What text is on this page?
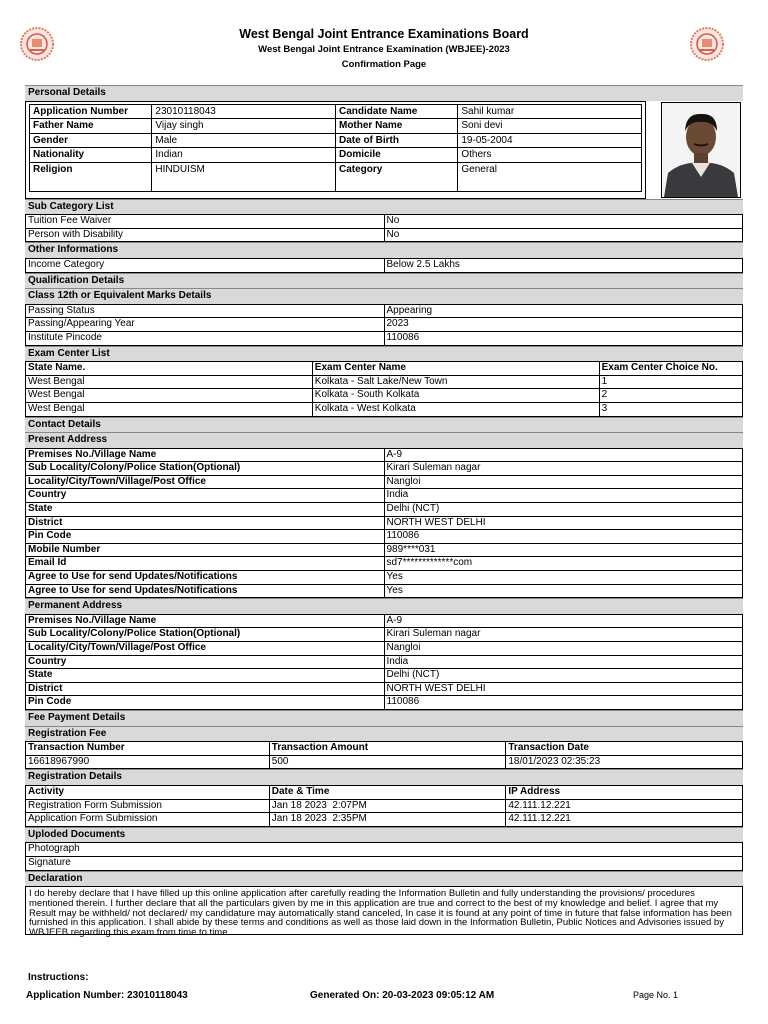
West Bengal Joint Entrance Examinations Board
West Bengal Joint Entrance Examination (WBJEE)-2023
Confirmation Page
Personal Details
Application Number	23010118043	Candidate Name	Sahil kumar
Father Name	Vijay singh	Mother Name	Soni devi
Gender	Male	Date of Birth	19-05-2004
Nationality	Indian	Domicile	Others
Religion	HINDUISM	Category	General
Sub Category List
Tuition Fee Waiver	No
Person with Disability	No
Other Informations
Income Category	Below 2.5 Lakhs
Qualification Details
Class 12th or Equivalent Marks Details
Passing Status	Appearing
Passing/Appearing Year	2023
Institute Pincode	110086
Exam Center List
State Name.	Exam Center Name	Exam Center Choice No.
West Bengal	Kolkata - Salt Lake/New Town	1
West Bengal	Kolkata - South Kolkata	2
West Bengal	Kolkata - West Kolkata	3
Contact Details
Present Address
Premises No./Village Name	A-9
Sub Locality/Colony/Police Station(Optional)	Kirari Suleman nagar
Locality/City/Town/Village/Post Office	Nangloi
Country	India
State	Delhi (NCT)
District	NORTH WEST DELHI
Pin Code	110086
Mobile Number	989****031
Email Id	sd7*************com
Agree to Use for send Updates/Notifications	Yes
Agree to Use for send Updates/Notifications	Yes
Permanent Address
Premises No./Village Name	A-9
Sub Locality/Colony/Police Station(Optional)	Kirari Suleman nagar
Locality/City/Town/Village/Post Office	Nangloi
Country	India
State	Delhi (NCT)
District	NORTH WEST DELHI
Pin Code	110086
Fee Payment Details
Registration Fee
Transaction Number	Transaction Amount	Transaction Date
16618967990	500	18/01/2023 02:35:23
Registration Details
Activity	Date & Time	IP Address
Registration Form Submission	Jan 18 2023  2:07PM	42.111.12.221
Application Form Submission	Jan 18 2023  2:35PM	42.111.12.221
Uploded Documents
Photograph
Signature
Declaration
I do hereby declare that I have filled up this online application after carefully reading the Information Bulletin and fully understanding the provisions/ procedures mentioned therein. I further declare that all the particulars given by me in this application are true and correct to the best of my knowledge and belief. I agree that my Result may be withheld/ not declared/ my candidature may automatically stand canceled, In case it is found at any point of time in future that false information has been furnished in this application. I shall abide by these terms and conditions as well as those laid down in the Information Bulletin, Public Notices and Advisories issued by WBJEEB regarding this exam from time to time.
Instructions:
Application Number: 23010118043	Generated On: 20-03-2023 09:05:12 AM	Page No. 1
